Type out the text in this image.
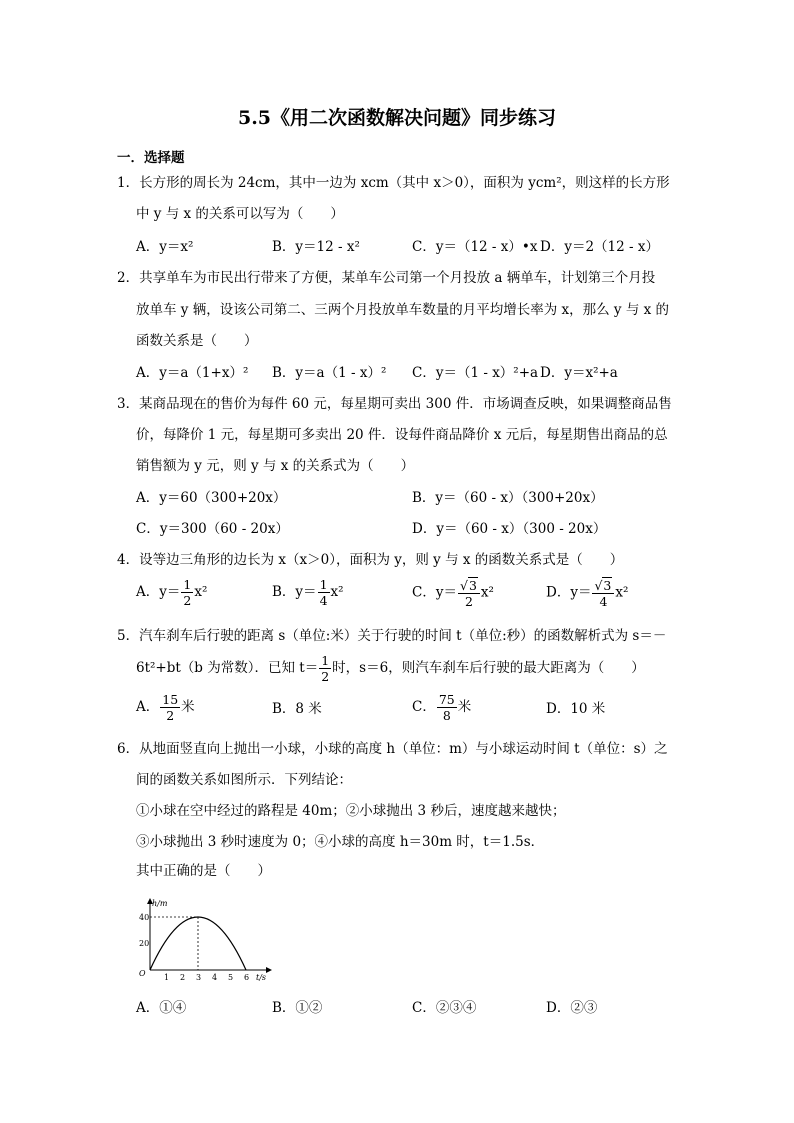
5.5《用二次函数解决问题》同步练习
一．选择题
1．长方形的周长为 24cm，其中一边为 xcm（其中 x＞0），面积为 ycm²，则这样的长方形
中 y 与 x 的关系可以写为（　　）
A．y＝x²	B．y＝12 - x²	C．y＝（12 - x）•x D．y＝2（12 - x）
2．共享单车为市民出行带来了方便，某单车公司第一个月投放 a 辆单车，计划第三个月投
放单车 y 辆，设该公司第二、三两个月投放单车数量的月平均增长率为 x，那么 y 与 x 的
函数关系是（　　）
A．y＝a（1+x）² B．y＝a（1 - x）² C．y＝（1 - x）²+a D．y＝x²+a
3．某商品现在的售价为每件 60 元，每星期可卖出 300 件．市场调查反映，如果调整商品售
价，每降价 1 元，每星期可多卖出 20 件．设每件商品降价 x 元后，每星期售出商品的总
销售额为 y 元，则 y 与 x 的关系式为（　　）
A．y＝60（300+20x）	B．y＝（60 - x）（300+20x）
C．y＝300（60 - 20x）	D．y＝（60 - x）（300 - 20x）
4．设等边三角形的边长为 x（x＞0），面积为 y，则 y 与 x 的函数关系式是（　　）
A．$y= \frac{1}{2} x^2$	B．$y= \frac{1}{4} x^2$	C．$y= \frac{√3}{2} x^2$	D．$y= \frac{√3}{4} x^2$
5．汽车刹车后行驶的距离 s（单位:米）关于行驶的时间 t（单位:秒）的函数解析式为 s＝－
6t²+bt（b 为常数）．已知 $t= \frac{1}{2}$ 时，s＝6，则汽车刹车后行驶的最大距离为（　　）
A． $\frac{15}{2}$ 米	B．8 米	C． $\frac{75}{8}$ 米	D．10 米
6．从地面竖直向上抛出一小球，小球的高度 h（单位：m）与小球运动时间 t（单位：s）之
间的函数关系如图所示．下列结论：
①小球在空中经过的路程是 40m；②小球抛出 3 秒后，速度越来越快；
③小球抛出 3 秒时速度为 0；④小球的高度 h＝30m 时，t＝1.5s．
其中正确的是（　　）
h/m
t/s
O
20
40
1 2 3 4 5 6
A．①④	B．①②	C．②③④	D．②③
